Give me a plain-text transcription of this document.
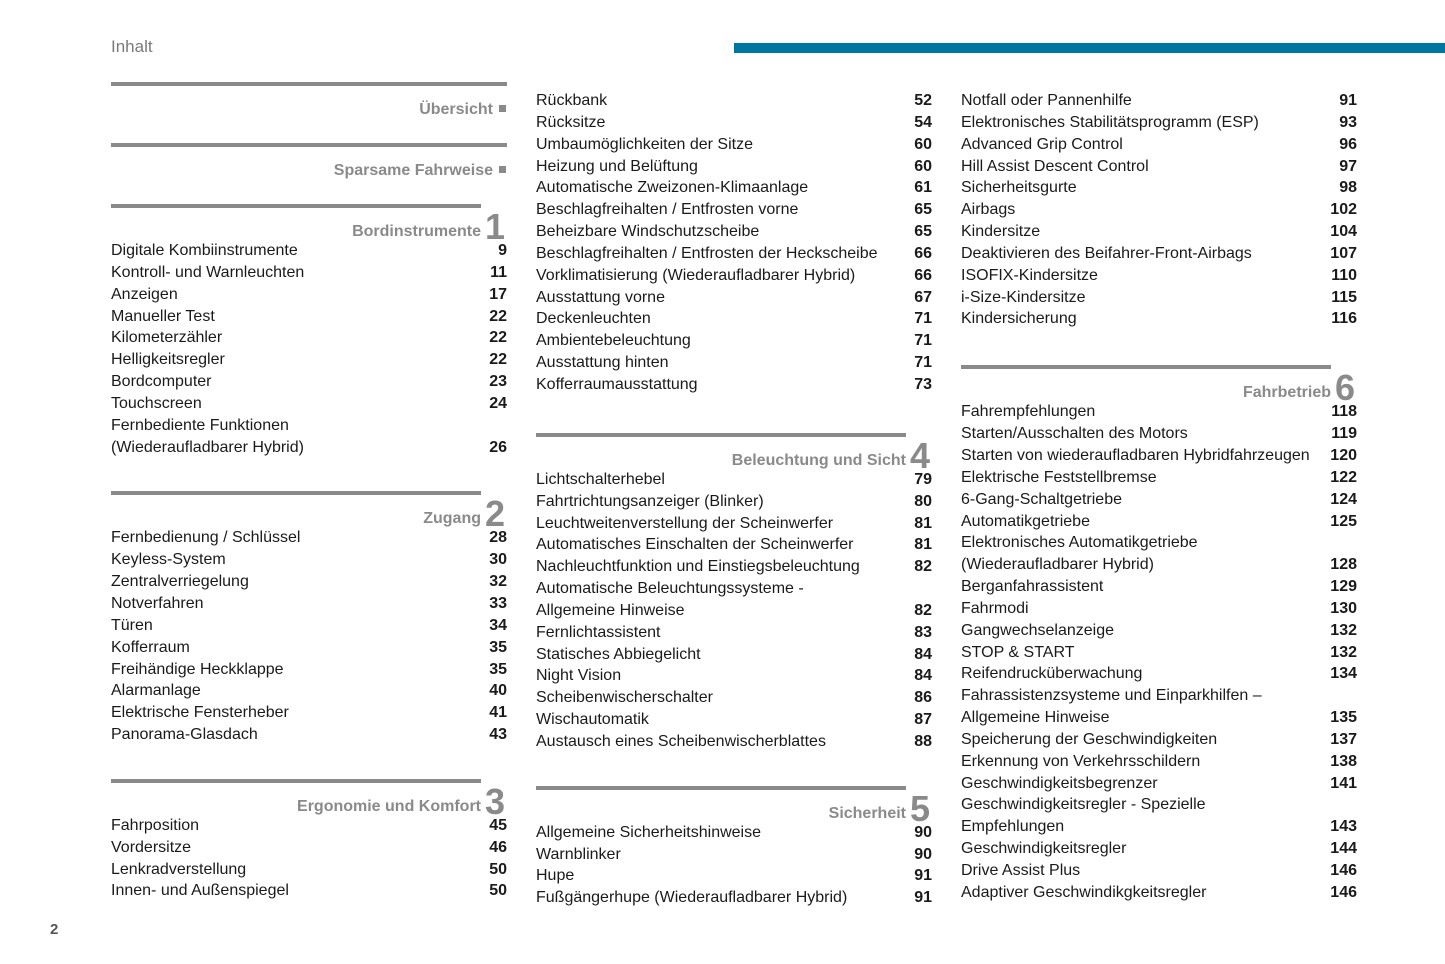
Inhalt
Übersicht
Sparsame Fahrweise
Bordinstrumente 1
Digitale Kombiinstrumente	9
Kontroll- und Warnleuchten	11
Anzeigen	17
Manueller Test	22
Kilometerzähler	22
Helligkeitsregler	22
Bordcomputer	23
Touchscreen	24
Fernbediente Funktionen
(Wiederaufladbarer Hybrid)	26
Zugang 2
Fernbedienung / Schlüssel	28
Keyless-System	30
Zentralverriegelung	32
Notverfahren	33
Türen	34
Kofferraum	35
Freihändige Heckklappe	35
Alarmanlage	40
Elektrische Fensterheber	41
Panorama-Glasdach	43
Ergonomie und Komfort 3
Fahrposition	45
Vordersitze	46
Lenkradverstellung	50
Innen- und Außenspiegel	50
Rückbank	52
Rücksitze	54
Umbaumöglichkeiten der Sitze	60
Heizung und Belüftung	60
Automatische Zweizonen-Klimaanlage	61
Beschlagfreihalten / Entfrosten vorne	65
Beheizbare Windschutzscheibe	65
Beschlagfreihalten / Entfrosten der Heckscheibe 66
Vorklimatisierung (Wiederaufladbarer Hybrid)	66
Ausstattung vorne	67
Deckenleuchten	71
Ambientebeleuchtung	71
Ausstattung hinten	71
Kofferraumausstattung	73
Beleuchtung und Sicht 4
Lichtschalterhebel	79
Fahrtrichtungsanzeiger (Blinker)	80
Leuchtweitenverstellung der Scheinwerfer	81
Automatisches Einschalten der Scheinwerfer	81
Nachleuchtfunktion und Einstiegsbeleuchtung	82
Automatische Beleuchtungssysteme -
Allgemeine Hinweise	82
Fernlichtassistent	83
Statisches Abbiegelicht	84
Night Vision	84
Scheibenwischerschalter	86
Wischautomatik	87
Austausch eines Scheibenwischerblattes	88
Sicherheit 5
Allgemeine Sicherheitshinweise	90
Warnblinker	90
Hupe	91
Fußgängerhupe (Wiederaufladbarer Hybrid)	91
Notfall oder Pannenhilfe	91
Elektronisches Stabilitätsprogramm (ESP)	93
Advanced Grip Control	96
Hill Assist Descent Control	97
Sicherheitsgurte	98
Airbags	102
Kindersitze	104
Deaktivieren des Beifahrer-Front-Airbags	107
ISOFIX-Kindersitze	110
i-Size-Kindersitze	115
Kindersicherung	116
Fahrbetrieb 6
Fahrempfehlungen	118
Starten/Ausschalten des Motors	119
Starten von wiederaufladbaren Hybridfahrzeugen 120
Elektrische Feststellbremse	122
6-Gang-Schaltgetriebe	124
Automatikgetriebe	125
Elektronisches Automatikgetriebe
(Wiederaufladbarer Hybrid)	128
Berganfahrassistent	129
Fahrmodi	130
Gangwechselanzeige	132
STOP & START	132
Reifendrucküberwachung	134
Fahrassistenzsysteme und Einparkhilfen –
Allgemeine Hinweise	135
Speicherung der Geschwindigkeiten	137
Erkennung von Verkehrsschildern	138
Geschwindigkeitsbegrenzer	141
Geschwindigkeitsregler - Spezielle
Empfehlungen	143
Geschwindigkeitsregler	144
Drive Assist Plus	146
Adaptiver Geschwindikgkeitsregler	146
2
